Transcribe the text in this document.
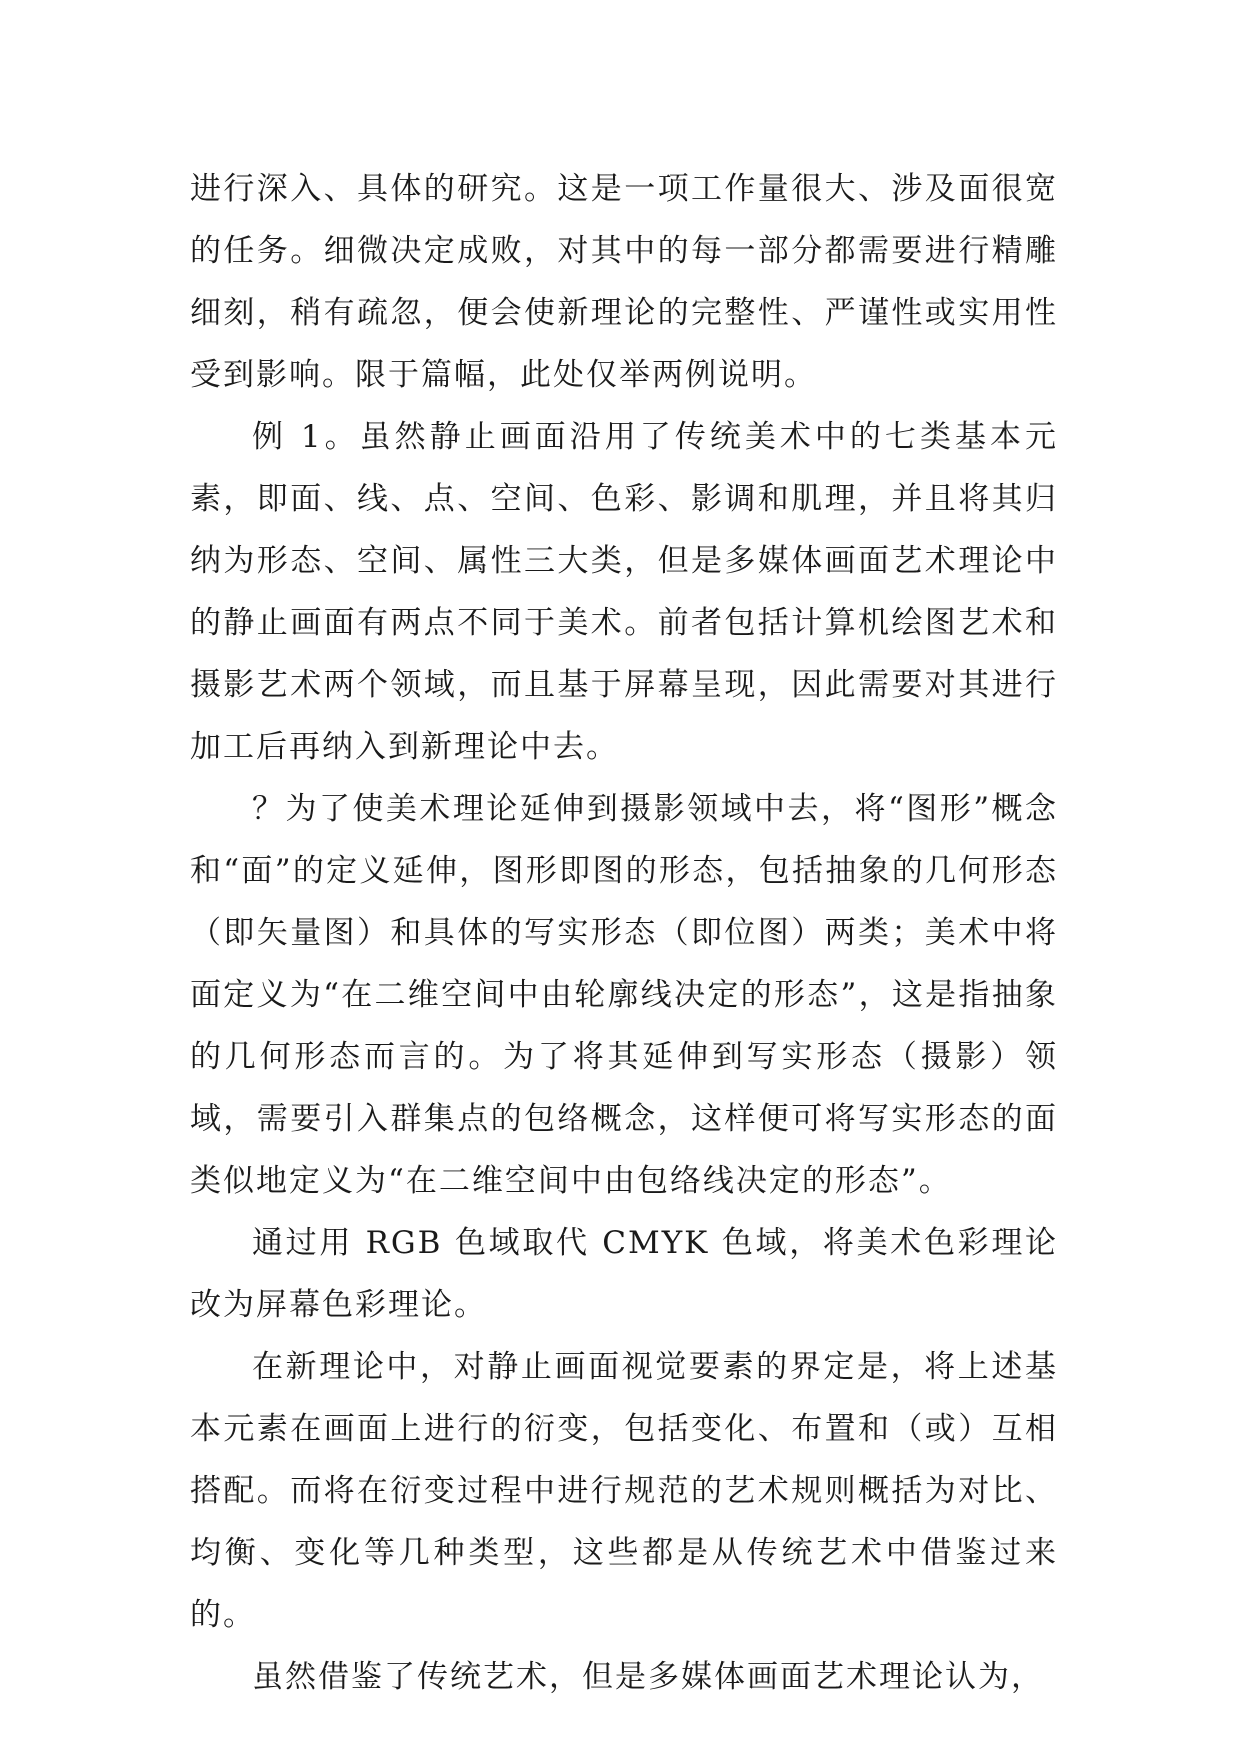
进行深入、具体的研究。这是一项工作量很大、涉及面很宽的任务。细微决定成败，对其中的每一部分都需要进行精雕细刻，稍有疏忽，便会使新理论的完整性、严谨性或实用性受到影响。限于篇幅，此处仅举两例说明。

例 1。虽然静止画面沿用了传统美术中的七类基本元素，即面、线、点、空间、色彩、影调和肌理，并且将其归纳为形态、空间、属性三大类，但是多媒体画面艺术理论中的静止画面有两点不同于美术。前者包括计算机绘图艺术和摄影艺术两个领域，而且基于屏幕呈现，因此需要对其进行加工后再纳入到新理论中去。

？为了使美术理论延伸到摄影领域中去，将“图形”概念和“面”的定义延伸，图形即图的形态，包括抽象的几何形态（即矢量图）和具体的写实形态（即位图）两类；美术中将面定义为“在二维空间中由轮廓线决定的形态”，这是指抽象的几何形态而言的。为了将其延伸到写实形态（摄影）领域，需要引入群集点的包络概念，这样便可将写实形态的面类似地定义为“在二维空间中由包络线决定的形态”。

通过用 RGB 色域取代 CMYK 色域，将美术色彩理论改为屏幕色彩理论。

在新理论中，对静止画面视觉要素的界定是，将上述基本元素在画面上进行的衍变，包括变化、布置和（或）互相搭配。而将在衍变过程中进行规范的艺术规则概括为对比、均衡、变化等几种类型，这些都是从传统艺术中借鉴过来的。

虽然借鉴了传统艺术，但是多媒体画面艺术理论认为，
